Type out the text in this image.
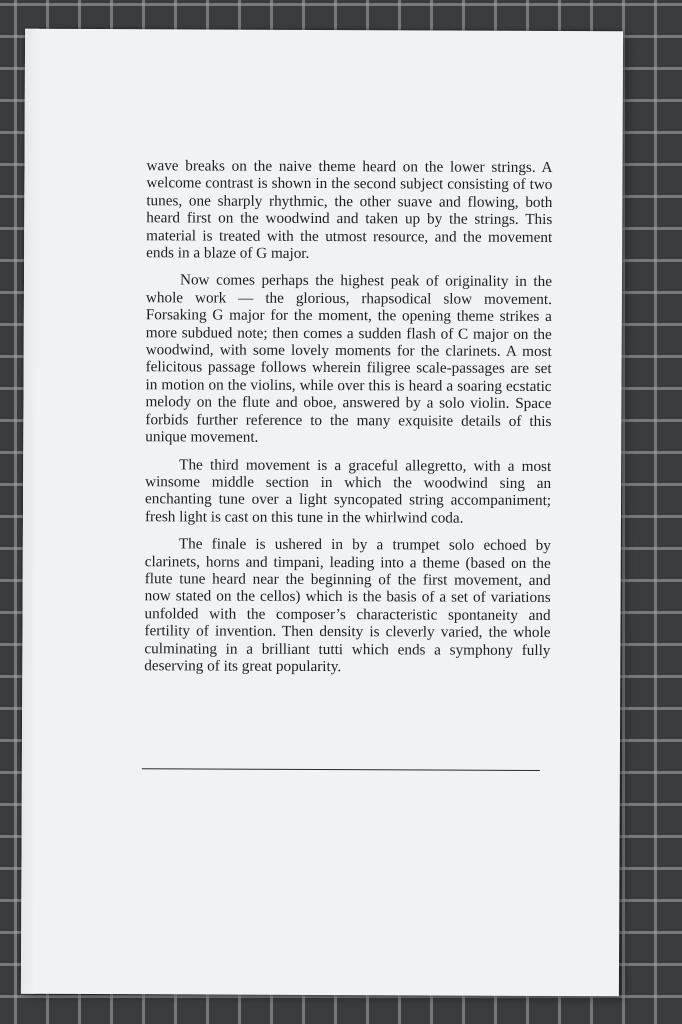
wave breaks on the naive theme heard on the lower strings. A welcome contrast is shown in the second subject consisting of two tunes, one sharply rhythmic, the other suave and flowing, both heard first on the woodwind and taken up by the strings. This material is treated with the utmost resource, and the movement ends in a blaze of G major.

Now comes perhaps the highest peak of originality in the whole work — the glorious, rhapsodical slow movement. Forsaking G major for the moment, the opening theme strikes a more subdued note; then comes a sudden flash of C major on the woodwind, with some lovely moments for the clarinets. A most felicitous passage follows wherein filigree scale-passages are set in motion on the violins, while over this is heard a soaring ecstatic melody on the flute and oboe, answered by a solo violin. Space forbids further reference to the many exquisite details of this unique movement.

The third movement is a graceful allegretto, with a most winsome middle section in which the woodwind sing an enchanting tune over a light syncopated string accompaniment; fresh light is cast on this tune in the whirlwind coda.

The finale is ushered in by a trumpet solo echoed by clarinets, horns and timpani, leading into a theme (based on the flute tune heard near the beginning of the first movement, and now stated on the cellos) which is the basis of a set of variations unfolded with the composer’s characteristic spontaneity and fertility of invention. Then density is cleverly varied, the whole culminating in a brilliant tutti which ends a symphony fully deserving of its great popularity.
